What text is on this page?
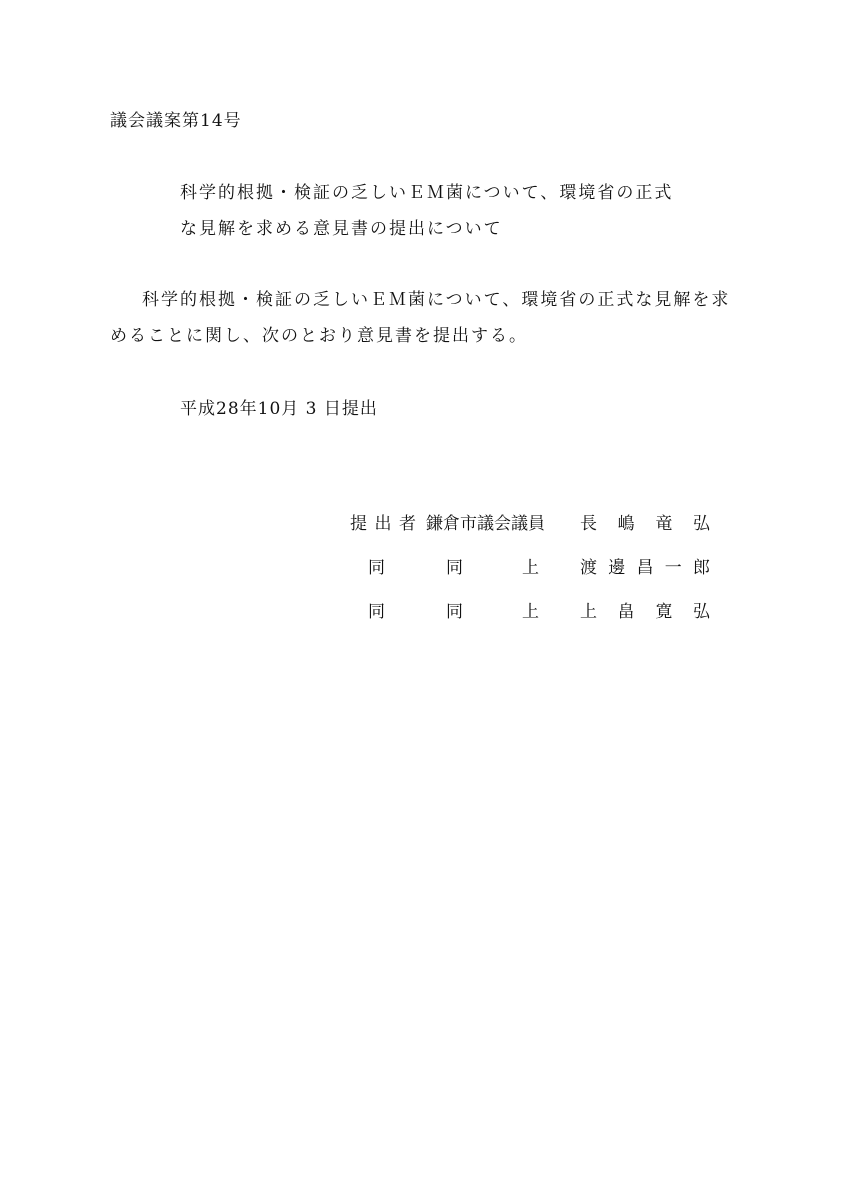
議会議案第14号
科学的根拠・検証の乏しいＥＭ菌について、環境省の正式
な見解を求める意見書の提出について
科学的根拠・検証の乏しいＥＭ菌について、環境省の正式な見解を求
めることに関し、次のとおり意見書を提出する。
平成28年10月 3 日提出
提出者 鎌倉市議会議員 長 嶋 竜 弘
同	同	上 渡 邊 昌 一 郎
同	同	上 上 畠 寛 弘
